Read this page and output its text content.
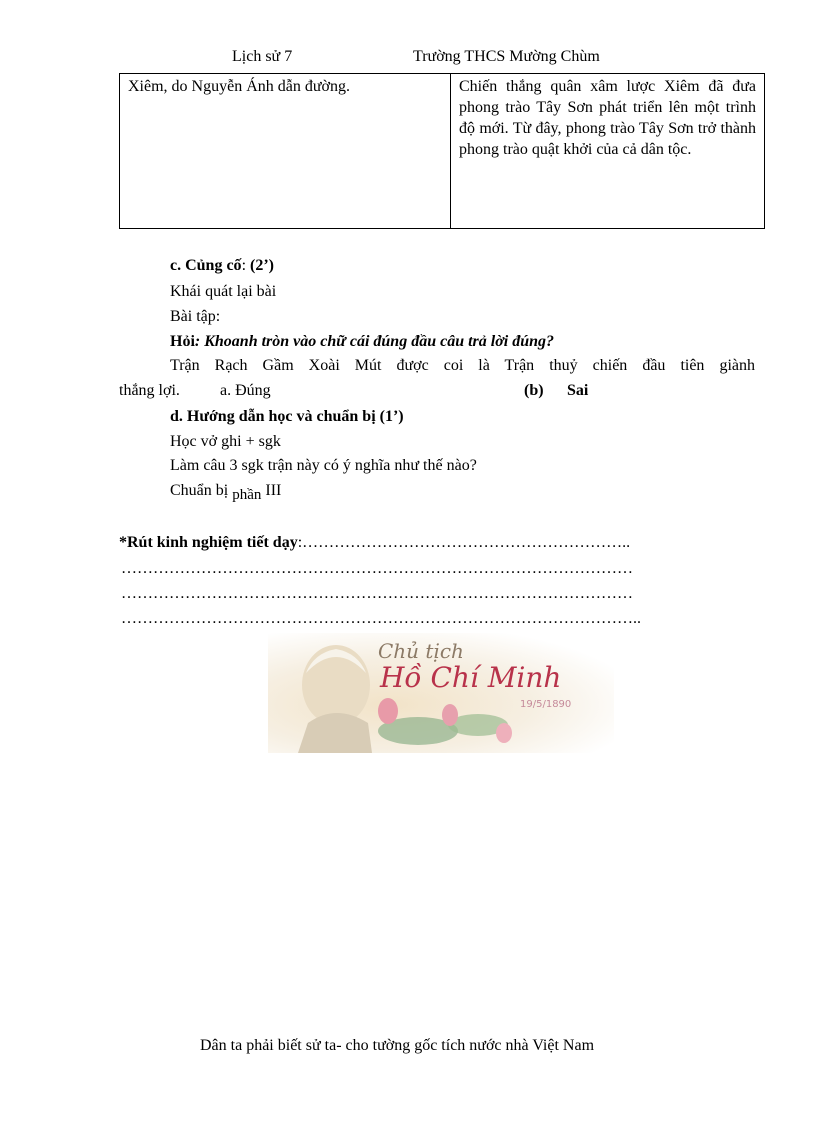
Lịch sử 7	Trường THCS Mường Chùm
Xiêm, do Nguyễn Ánh dẫn đường.	Chiến thắng quân xâm lược Xiêm đã đưa phong trào Tây Sơn phát triển lên một trình độ mới. Từ đây, phong trào Tây Sơn trở thành phong trào quật khởi của cả dân tộc.
c. Củng cố: (2’)
Khái quát lại bài
Bài tập:
Hỏi: Khoanh tròn vào chữ cái đúng đầu câu trả lời đúng?
Trận Rạch Gầm Xoài Mút được coi là Trận thuỷ chiến đầu tiên giành
thắng lợi.	a. Đúng	(b) Sai
d. Hướng dẫn học và chuẩn bị (1’)
Học vở ghi + sgk
Làm câu 3 sgk trận này có ý nghĩa như thế nào?
Chuẩn bị phần III
*Rút kinh nghiệm tiết dạy:……………………………………………………..
……………………………………………………………………………………
……………………………………………………………………………………
……………………………………………………………………………………..
Chủ tịch
Hồ Chí Minh
19/5/1890
Dân ta phải biết sử ta- cho tường gốc tích nước nhà Việt Nam
